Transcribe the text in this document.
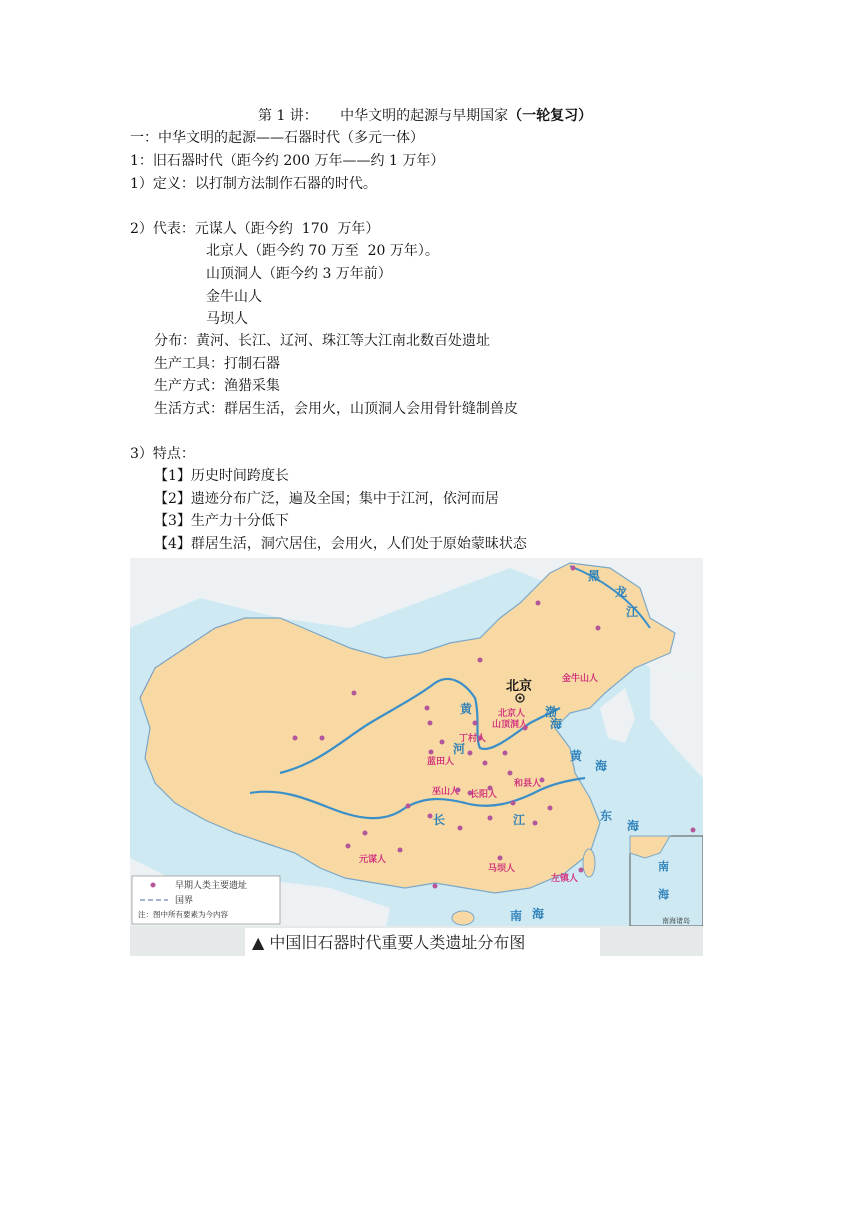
第 1 讲： 中华文明的起源与早期国家（一轮复习）
一：中华文明的起源——石器时代（多元一体）
1：旧石器时代（距今约 200 万年——约 1 万年）
1）定义：以打制方法制作石器的时代。
2）代表：元谋人（距今约  170  万年）
北京人（距今约 70 万至  20 万年）。
山顶洞人（距今约 3 万年前）
金牛山人
马坝人
分布：黄河、长江、辽河、珠江等大江南北数百处遗址
生产工具：打制石器
生产方式：渔猎采集
生活方式：群居生活，会用火，山顶洞人会用骨针缝制兽皮
3）特点：
【1】历史时间跨度长
【2】遗迹分布广泛，遍及全国；集中于江河，依河而居
【3】生产力十分低下
【4】群居生活，洞穴居住，会用火，人们处于原始蒙昧状态
北京	金牛山人
北京人
山顶洞人
丁村人
蓝田人
和县人
巫山人 长阳人
元谋人
马坝人
左镇人
黄
河
长	江
黑
龙
江
渤
海
黄
海
东
海
南 海
南
海
南海诸岛
早期人类主要遗址
国界
注：图中所有要素为今内容
▲ 中国旧石器时代重要人类遗址分布图
